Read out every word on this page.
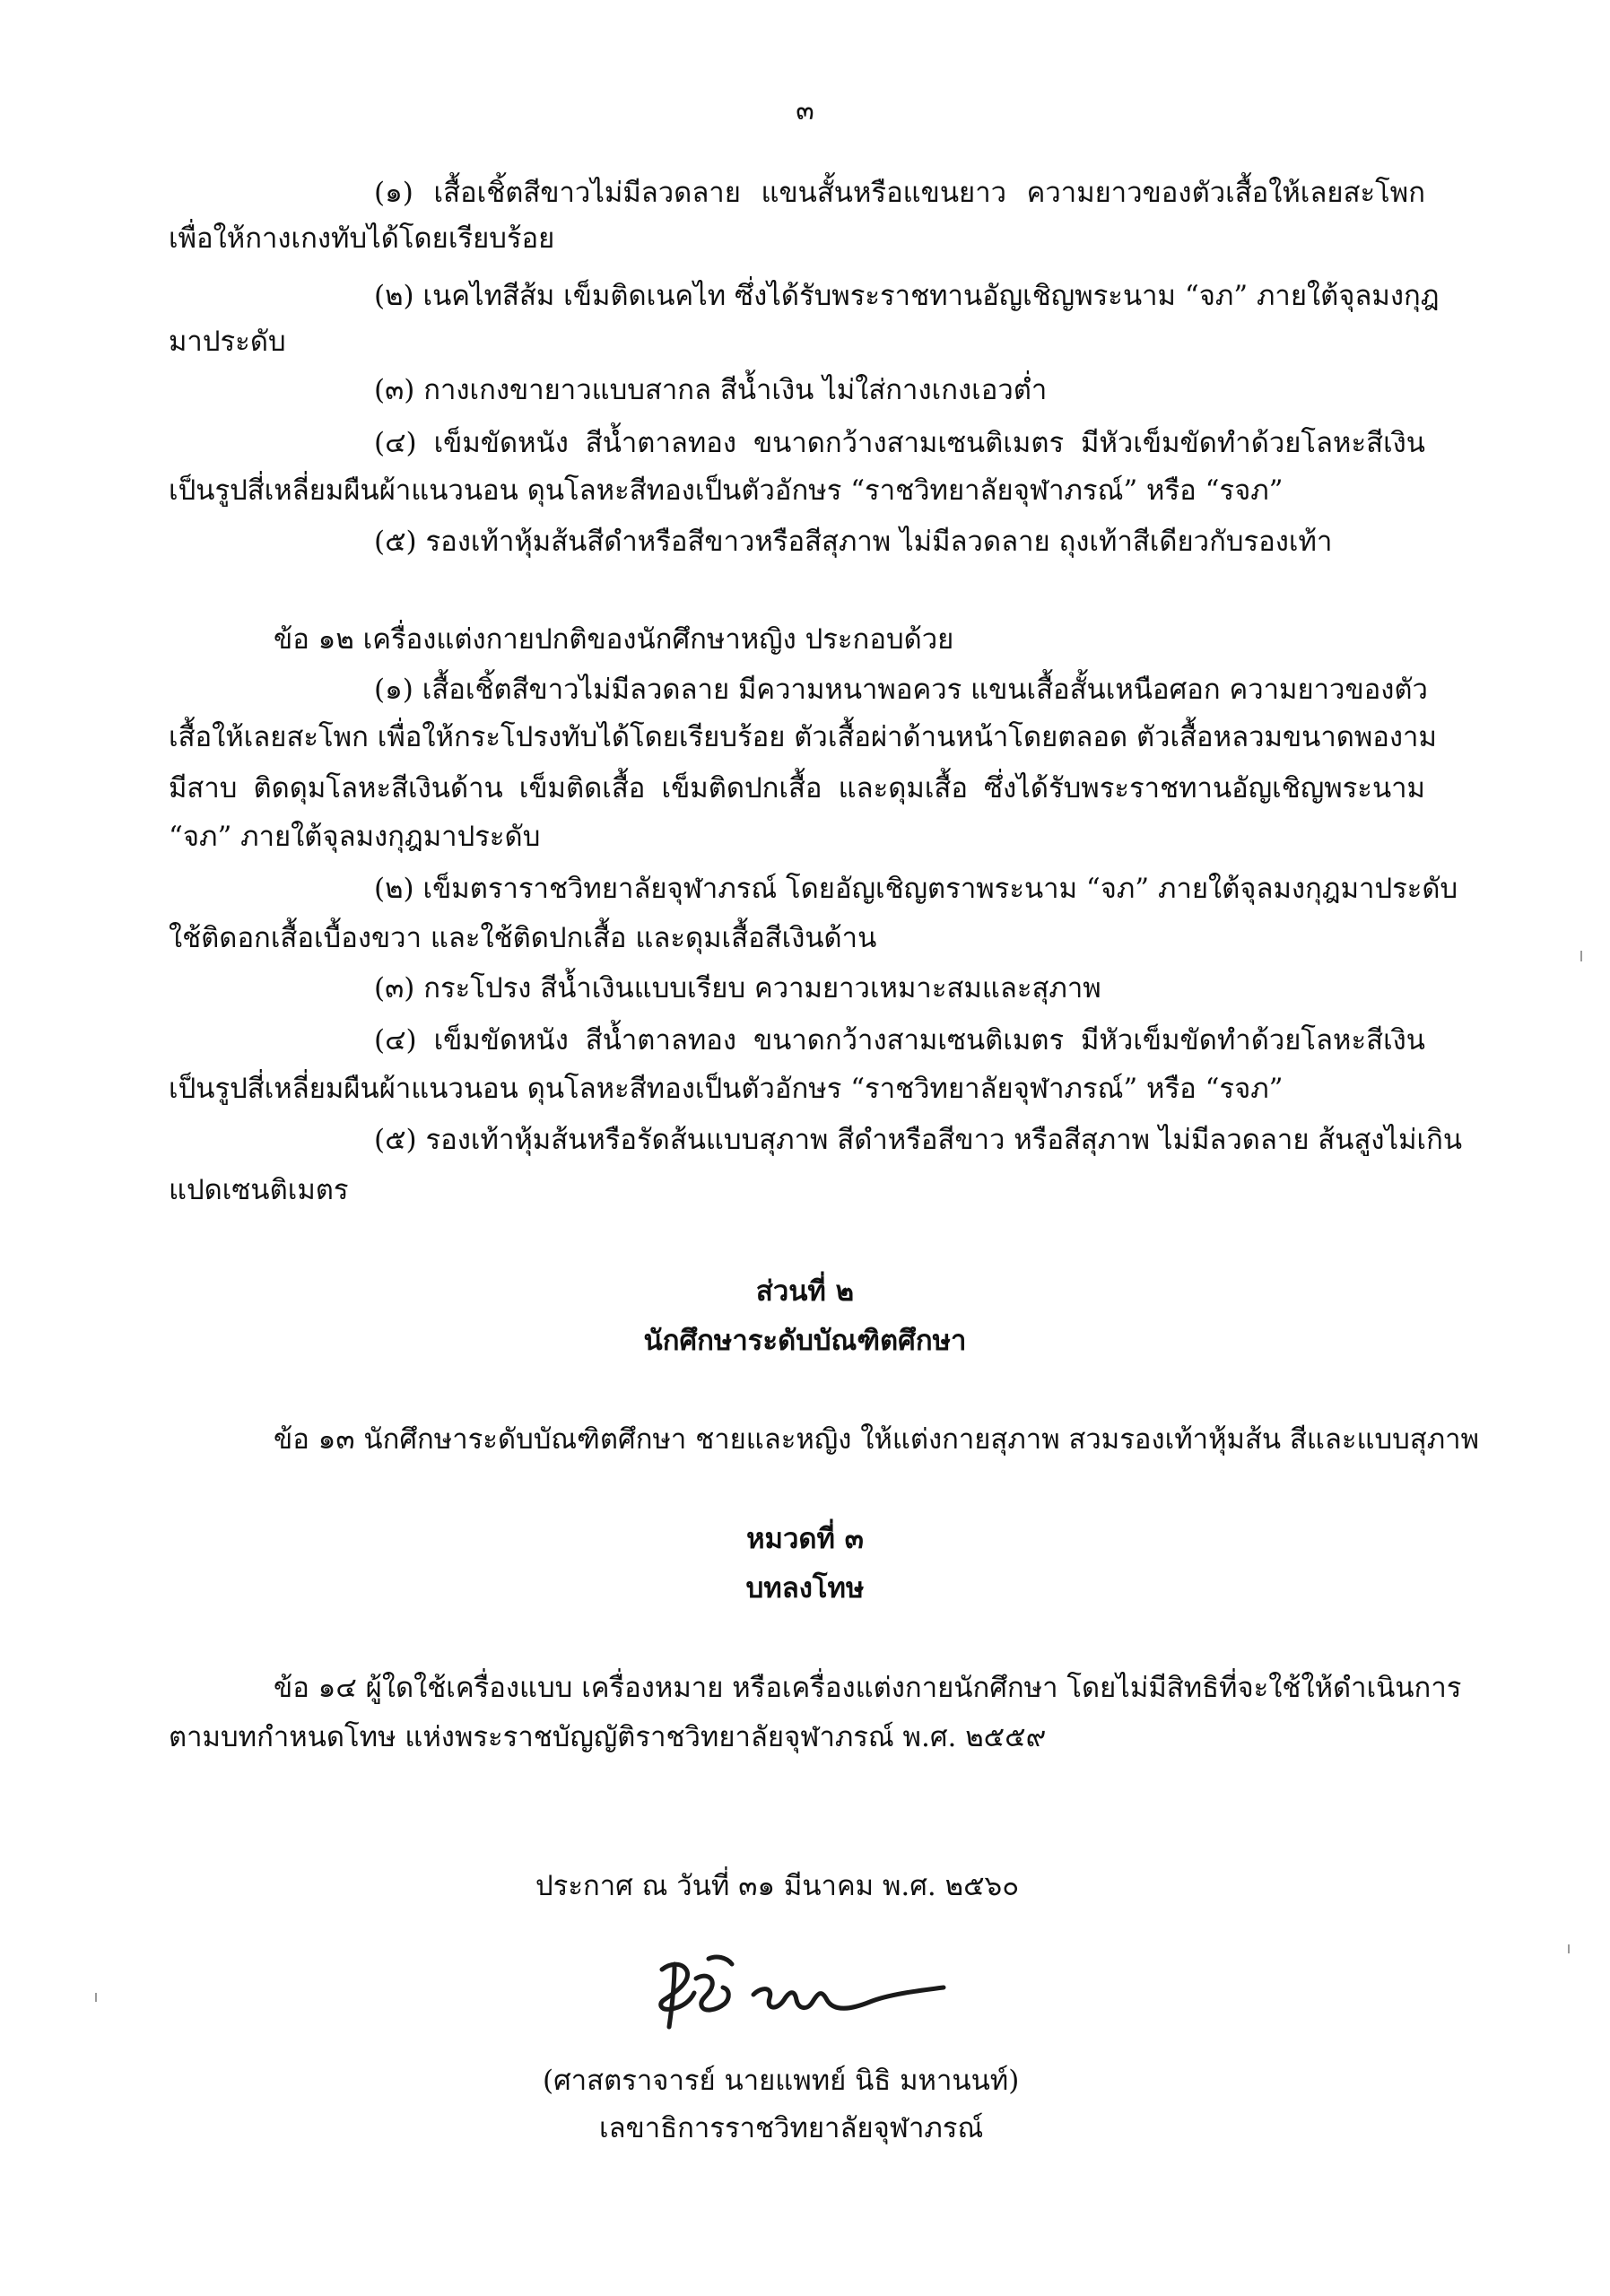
๓
(๑) เสื้อเชิ้ตสีขาวไม่มีลวดลาย แขนสั้นหรือแขนยาว ความยาวของตัวเสื้อให้เลยสะโพก
เพื่อให้กางเกงทับได้โดยเรียบร้อย
(๒) เนคไทสีส้ม เข็มติดเนคไท ซึ่งได้รับพระราชทานอัญเชิญพระนาม “จภ” ภายใต้จุลมงกุฎ
มาประดับ
(๓) กางเกงขายาวแบบสากล สีน้ำเงิน ไม่ใส่กางเกงเอวต่ำ
(๔) เข็มขัดหนัง สีน้ำตาลทอง ขนาดกว้างสามเซนติเมตร มีหัวเข็มขัดทำด้วยโลหะสีเงิน
เป็นรูปสี่เหลี่ยมผืนผ้าแนวนอน ดุนโลหะสีทองเป็นตัวอักษร “ราชวิทยาลัยจุฬาภรณ์” หรือ “รจภ”
(๕) รองเท้าหุ้มส้นสีดำหรือสีขาวหรือสีสุภาพ ไม่มีลวดลาย ถุงเท้าสีเดียวกับรองเท้า
ข้อ ๑๒ เครื่องแต่งกายปกติของนักศึกษาหญิง ประกอบด้วย
(๑) เสื้อเชิ้ตสีขาวไม่มีลวดลาย มีความหนาพอควร แขนเสื้อสั้นเหนือศอก ความยาวของตัว
เสื้อให้เลยสะโพก เพื่อให้กระโปรงทับได้โดยเรียบร้อย ตัวเสื้อผ่าด้านหน้าโดยตลอด ตัวเสื้อหลวมขนาดพองาม
มีสาบ ติดดุมโลหะสีเงินด้าน เข็มติดเสื้อ เข็มติดปกเสื้อ และดุมเสื้อ ซึ่งได้รับพระราชทานอัญเชิญพระนาม
“จภ” ภายใต้จุลมงกุฎมาประดับ
(๒) เข็มตราราชวิทยาลัยจุฬาภรณ์ โดยอัญเชิญตราพระนาม “จภ” ภายใต้จุลมงกุฎมาประดับ
ใช้ติดอกเสื้อเบื้องขวา และใช้ติดปกเสื้อ และดุมเสื้อสีเงินด้าน
(๓) กระโปรง สีน้ำเงินแบบเรียบ ความยาวเหมาะสมและสุภาพ
(๔) เข็มขัดหนัง สีน้ำตาลทอง ขนาดกว้างสามเซนติเมตร มีหัวเข็มขัดทำด้วยโลหะสีเงิน
เป็นรูปสี่เหลี่ยมผืนผ้าแนวนอน ดุนโลหะสีทองเป็นตัวอักษร “ราชวิทยาลัยจุฬาภรณ์” หรือ “รจภ”
(๕) รองเท้าหุ้มส้นหรือรัดส้นแบบสุภาพ สีดำหรือสีขาว หรือสีสุภาพ ไม่มีลวดลาย ส้นสูงไม่เกิน
แปดเซนติเมตร
ส่วนที่ ๒
นักศึกษาระดับบัณฑิตศึกษา
ข้อ ๑๓ นักศึกษาระดับบัณฑิตศึกษา ชายและหญิง ให้แต่งกายสุภาพ สวมรองเท้าหุ้มส้น สีและแบบสุภาพ
หมวดที่ ๓
บทลงโทษ
ข้อ ๑๔ ผู้ใดใช้เครื่องแบบ เครื่องหมาย หรือเครื่องแต่งกายนักศึกษา โดยไม่มีสิทธิที่จะใช้ให้ดำเนินการ
ตามบทกำหนดโทษ แห่งพระราชบัญญัติราชวิทยาลัยจุฬาภรณ์ พ.ศ. ๒๕๕๙
ประกาศ ณ วันที่ ๓๑ มีนาคม พ.ศ. ๒๕๖๐
(ศาสตราจารย์ นายแพทย์ นิธิ มหานนท์)
เลขาธิการราชวิทยาลัยจุฬาภรณ์
